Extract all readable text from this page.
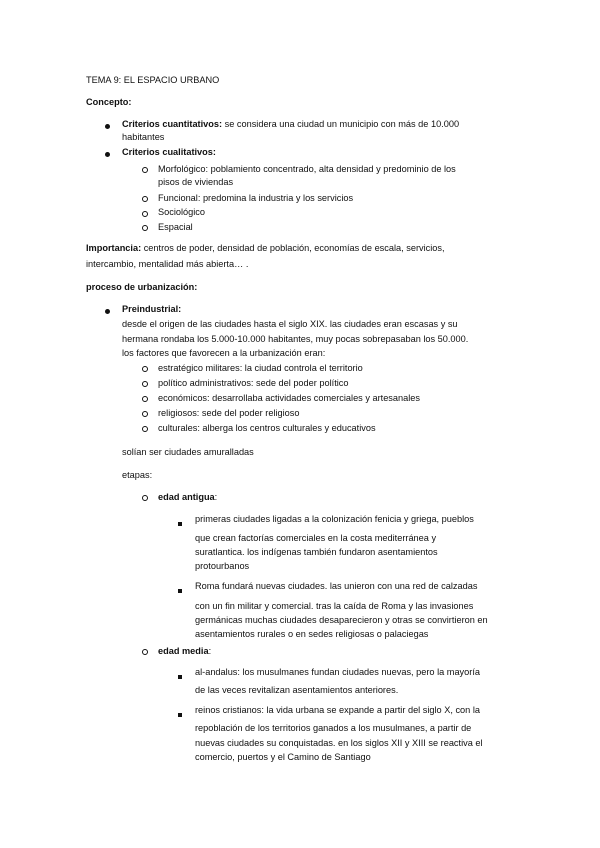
TEMA 9: EL ESPACIO URBANO
Concepto:
Criterios cuantitativos: se considera una ciudad un municipio con más de 10.000
habitantes
Criterios cualitativos:
Morfológico: poblamiento concentrado, alta densidad y predominio de los
pisos de viviendas
Funcional: predomina la industria y los servicios
Sociológico
Espacial
Importancia: centros de poder, densidad de población, economías de escala, servicios,
intercambio, mentalidad más abierta… .
proceso de urbanización:
Preindustrial:
desde el origen de las ciudades hasta el siglo XIX. las ciudades eran escasas y su
hermana rondaba los 5.000-10.000 habitantes, muy pocas sobrepasaban los 50.000.
los factores que favorecen a la urbanización eran:
estratégico militares: la ciudad controla el territorio
político administrativos: sede del poder político
económicos: desarrollaba actividades comerciales y artesanales
religiosos: sede del poder religioso
culturales: alberga los centros culturales y educativos
solían ser ciudades amuralladas
etapas:
edad antigua:
primeras ciudades ligadas a la colonización fenicia y griega, pueblos
que crean factorías comerciales en la costa mediterránea y
suratlantica. los indígenas también fundaron asentamientos
protourbanos
Roma fundará nuevas ciudades. las unieron con una red de calzadas
con un fin militar y comercial. tras la caída de Roma y las invasiones
germánicas muchas ciudades desaparecieron y otras se convirtieron en
asentamientos rurales o en sedes religiosas o palaciegas
edad media:
al-andalus: los musulmanes fundan ciudades nuevas, pero la mayoría
de las veces revitalizan asentamientos anteriores.
reinos cristianos: la vida urbana se expande a partir del siglo X, con la
repoblación de los territorios ganados a los musulmanes, a partir de
nuevas ciudades su conquistadas. en los siglos XII y XIII se reactiva el
comercio, puertos y el Camino de Santiago
